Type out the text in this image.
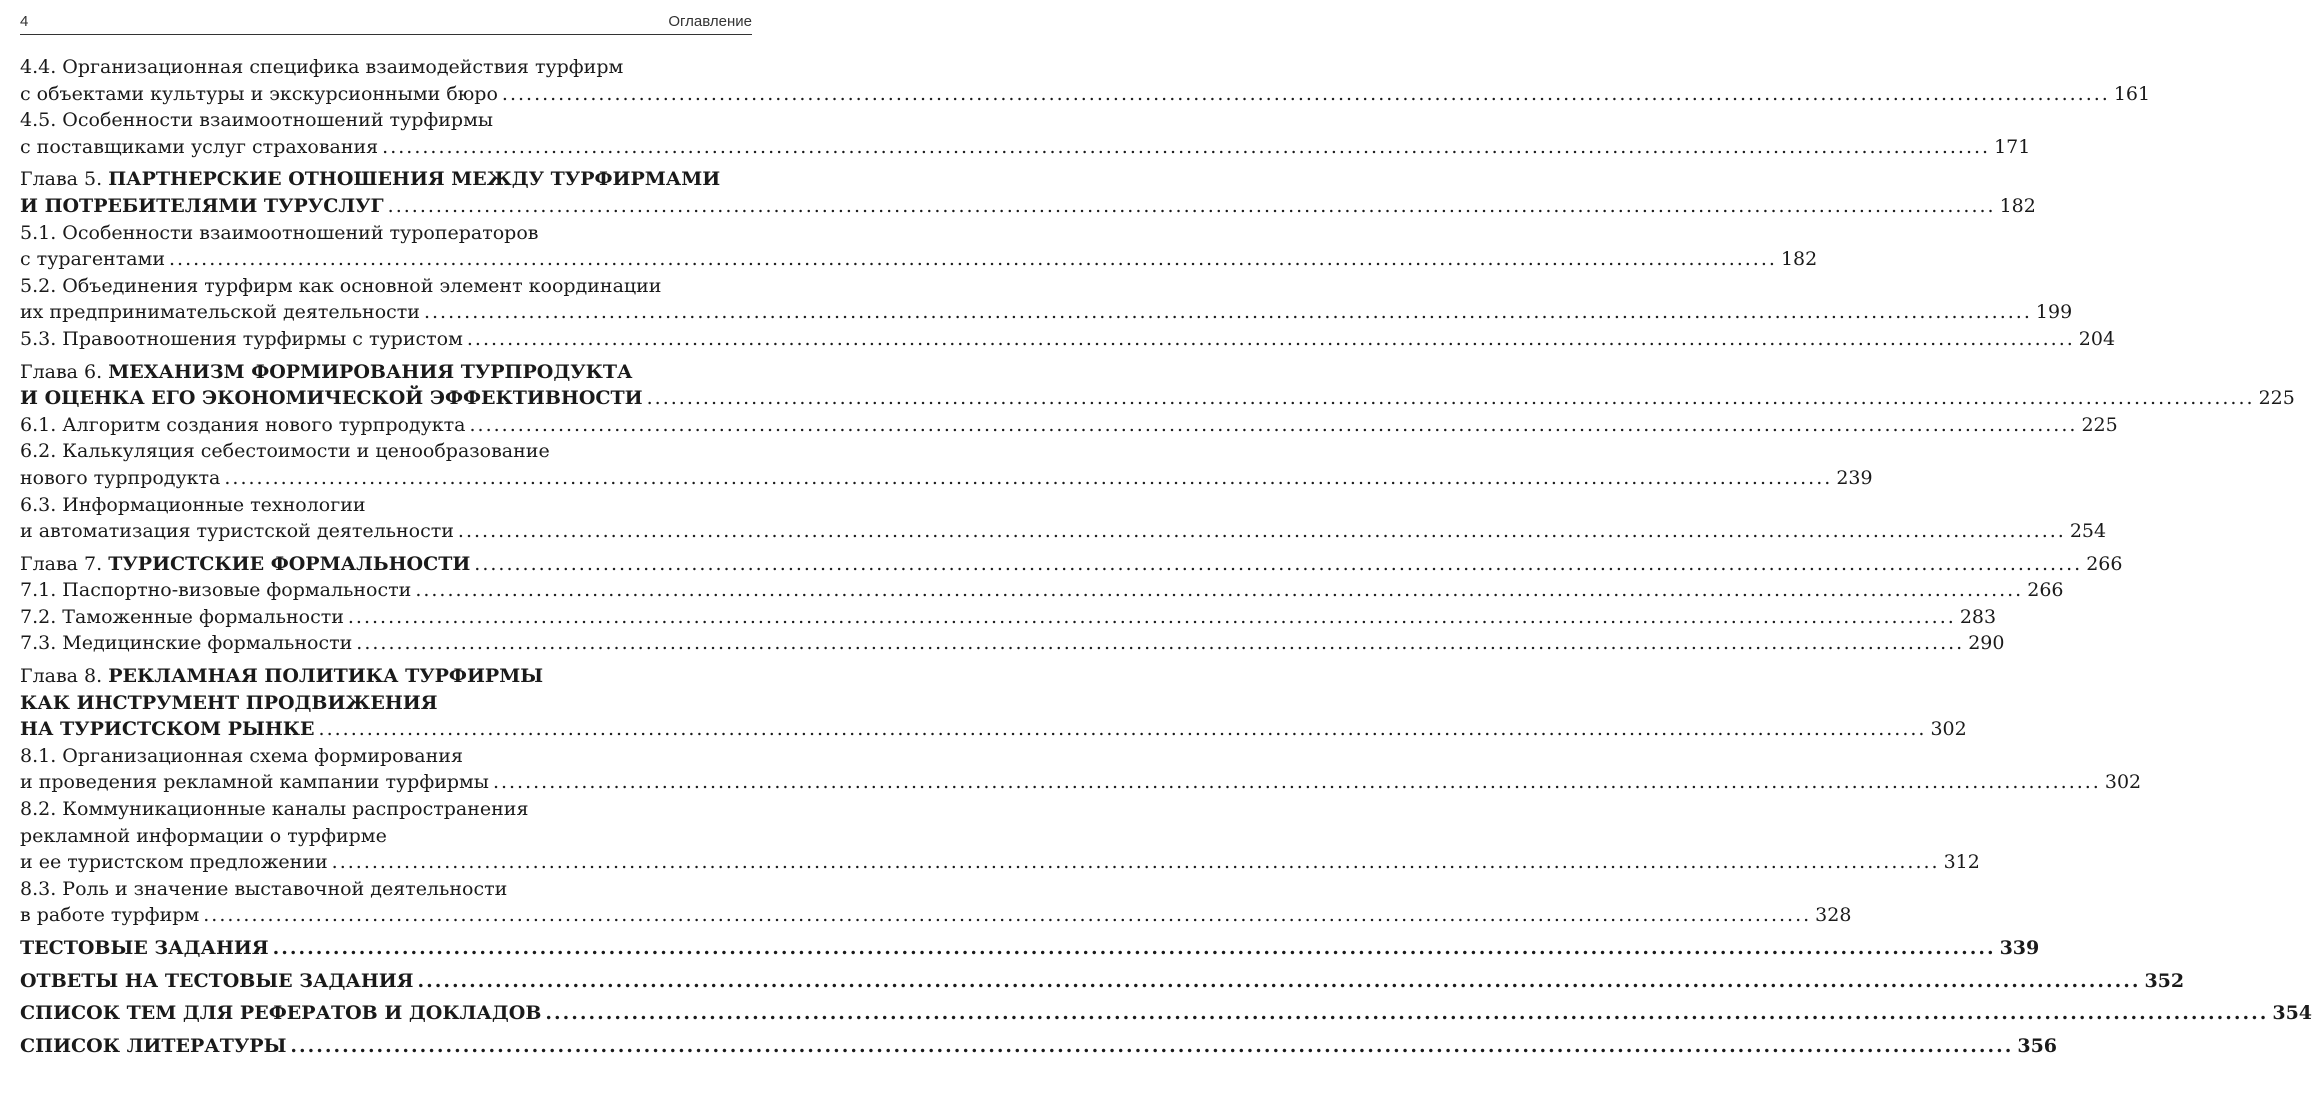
4	Оглавление
4.4. Организационная специфика взаимодействия турфирм
с объектами культуры и экскурсионными бюро ........................................................................................................................................................................................................ 161
4.5. Особенности взаимоотношений турфирмы
с поставщиками услуг страхования ........................................................................................................................................................................................................ 171
Глава 5. ПАРТНЕРСКИЕ ОТНОШЕНИЯ МЕЖДУ ТУРФИРМАМИ
И ПОТРЕБИТЕЛЯМИ ТУРУСЛУГ ........................................................................................................................................................................................................ 182
5.1. Особенности взаимоотношений туроператоров
с турагентами ........................................................................................................................................................................................................ 182
5.2. Объединения турфирм как основной элемент координации
их предпринимательской деятельности ........................................................................................................................................................................................................ 199
5.3. Правоотношения турфирмы с туристом ........................................................................................................................................................................................................ 204
Глава 6. МЕХАНИЗМ ФОРМИРОВАНИЯ ТУРПРОДУКТА
И ОЦЕНКА ЕГО ЭКОНОМИЧЕСКОЙ ЭФФЕКТИВНОСТИ ........................................................................................................................................................................................................ 225
6.1. Алгоритм создания нового турпродукта ........................................................................................................................................................................................................ 225
6.2. Калькуляция себестоимости и ценообразование
нового турпродукта ........................................................................................................................................................................................................ 239
6.3. Информационные технологии
и автоматизация туристской деятельности ........................................................................................................................................................................................................ 254
Глава 7. ТУРИСТСКИЕ ФОРМАЛЬНОСТИ ........................................................................................................................................................................................................ 266
7.1. Паспортно-визовые формальности ........................................................................................................................................................................................................ 266
7.2. Таможенные формальности ........................................................................................................................................................................................................ 283
7.3. Медицинские формальности ........................................................................................................................................................................................................ 290
Глава 8. РЕКЛАМНАЯ ПОЛИТИКА ТУРФИРМЫ
КАК ИНСТРУМЕНТ ПРОДВИЖЕНИЯ
НА ТУРИСТСКОМ РЫНКЕ ........................................................................................................................................................................................................ 302
8.1. Организационная схема формирования
и проведения рекламной кампании турфирмы ........................................................................................................................................................................................................ 302
8.2. Коммуникационные каналы распространения
рекламной информации о турфирме
и ее туристском предложении ........................................................................................................................................................................................................ 312
8.3. Роль и значение выставочной деятельности
в работе турфирм ........................................................................................................................................................................................................ 328
ТЕСТОВЫЕ ЗАДАНИЯ ........................................................................................................................................................................................................ 339
ОТВЕТЫ НА ТЕСТОВЫЕ ЗАДАНИЯ ........................................................................................................................................................................................................ 352
СПИСОК ТЕМ ДЛЯ РЕФЕРАТОВ И ДОКЛАДОВ ........................................................................................................................................................................................................ 354
СПИСОК ЛИТЕРАТУРЫ ........................................................................................................................................................................................................ 356
